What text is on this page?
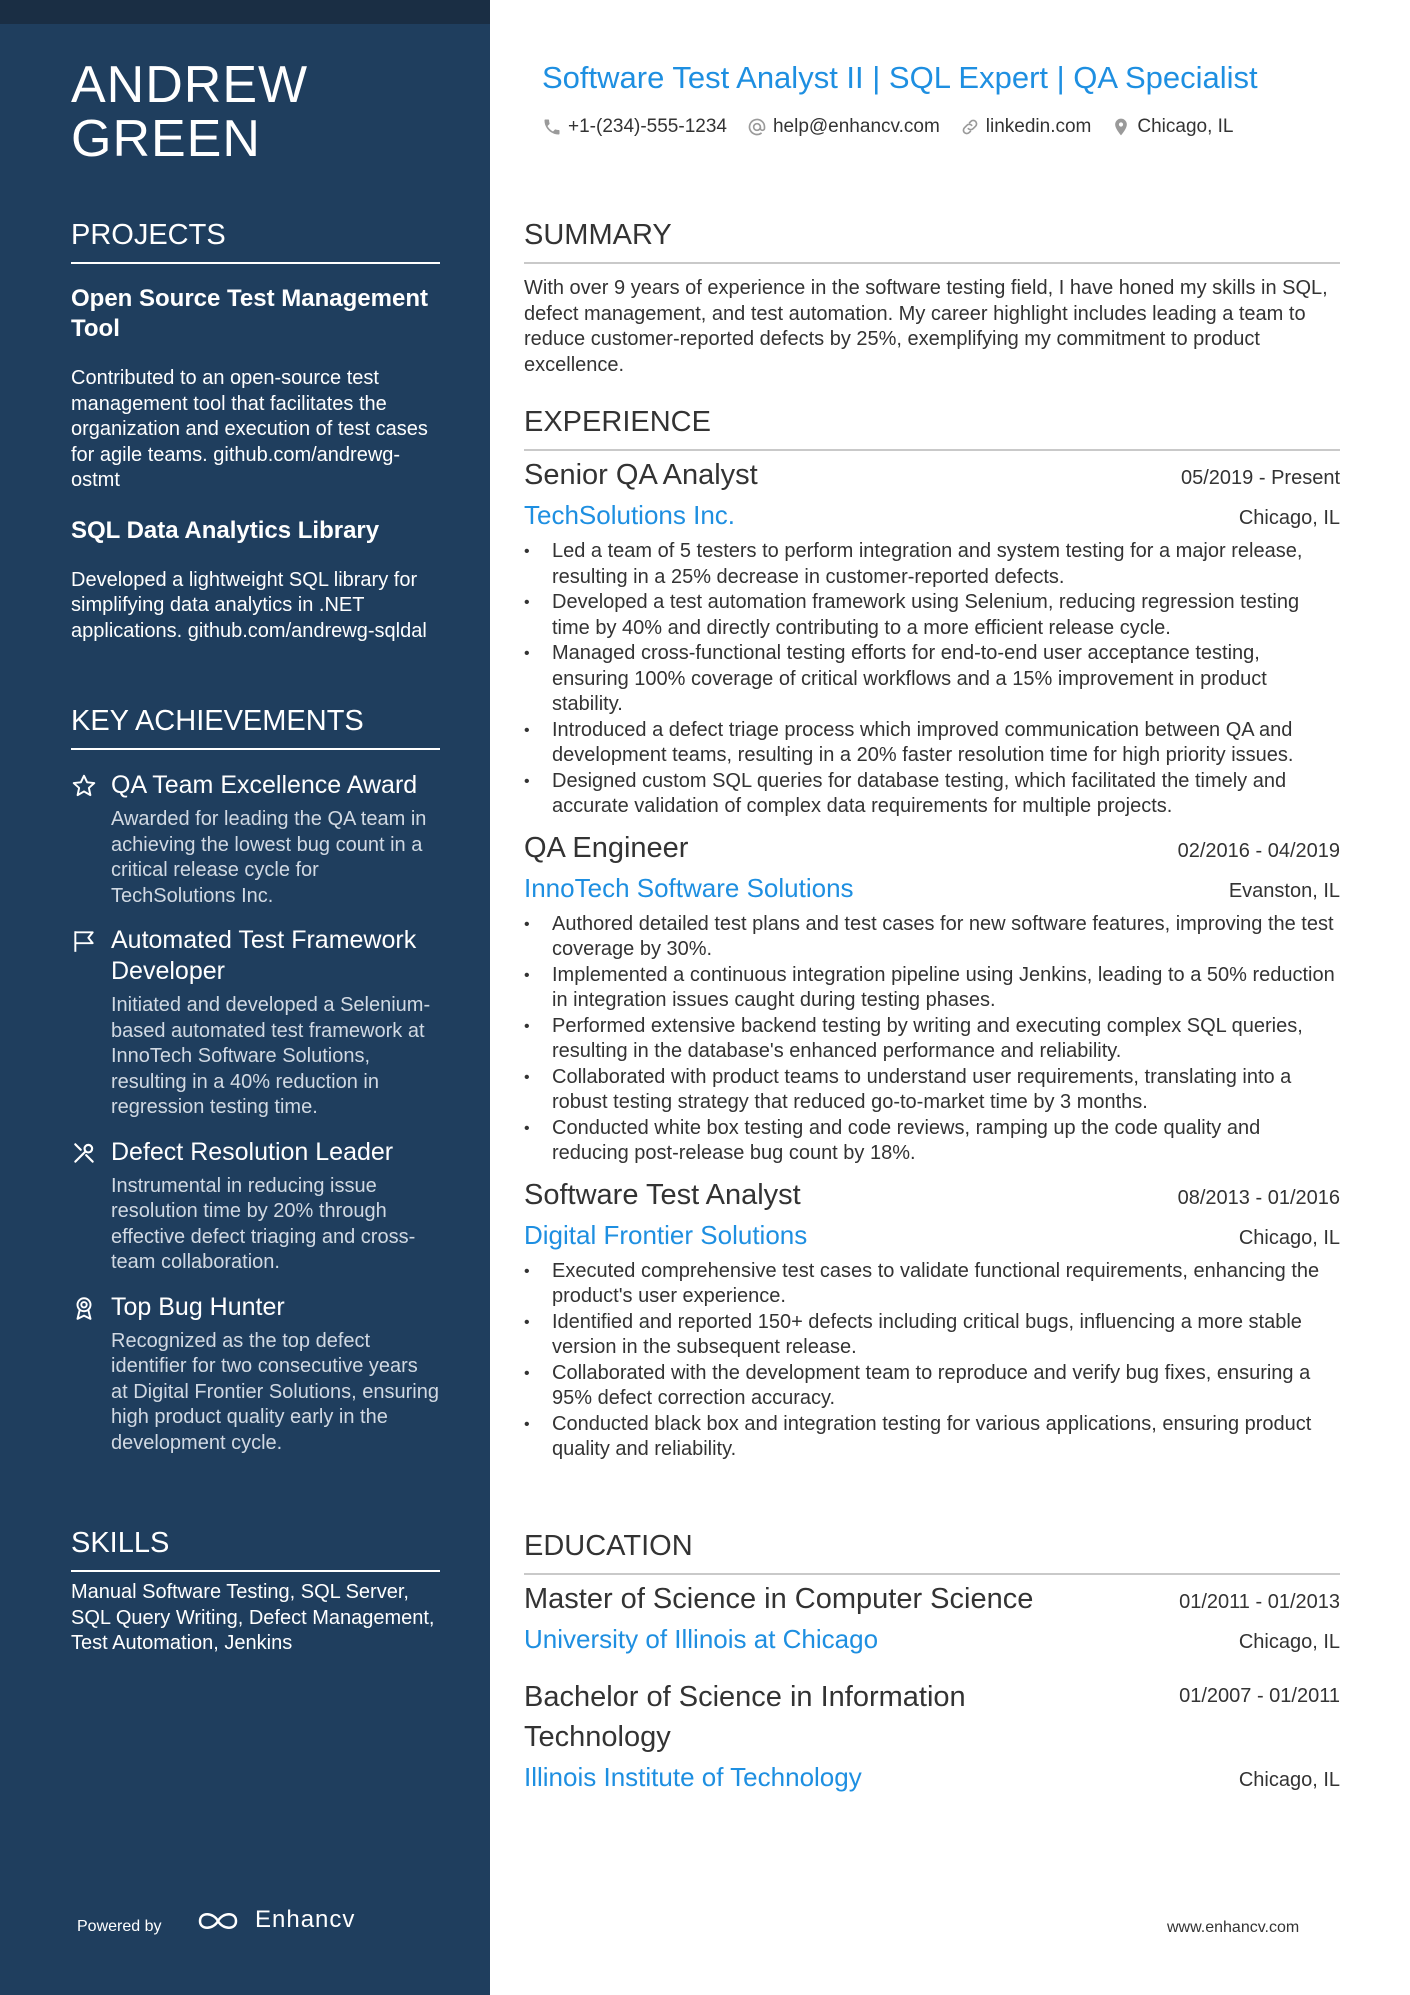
ANDREW GREEN
PROJECTS

Open Source Test Management Tool

Contributed to an open-source test management tool that facilitates the organization and execution of test cases for agile teams. github.com/andrewg-ostmt

SQL Data Analytics Library

Developed a lightweight SQL library for simplifying data analytics in .NET applications. github.com/andrewg-sqldal

KEY ACHIEVEMENTS

QA Team Excellence Award

Awarded for leading the QA team in achieving the lowest bug count in a critical release cycle for TechSolutions Inc.

Automated Test Framework Developer

Initiated and developed a Selenium-based automated test framework at InnoTech Software Solutions, resulting in a 40% reduction in regression testing time.

Defect Resolution Leader

Instrumental in reducing issue resolution time by 20% through effective defect triaging and cross-team collaboration.

Top Bug Hunter

Recognized as the top defect identifier for two consecutive years at Digital Frontier Solutions, ensuring high product quality early in the development cycle.

SKILLS

Manual Software Testing, SQL Server, SQL Query Writing, Defect Management, Test Automation, Jenkins

Powered by	Enhancv

Software Test Analyst II | SQL Expert | QA Specialist

+1-(234)-555-1234 help@enhancv.com linkedin.com Chicago, IL
SUMMARY

With over 9 years of experience in the software testing field, I have honed my skills in SQL, defect management, and test automation. My career highlight includes leading a team to reduce customer-reported defects by 25%, exemplifying my commitment to product excellence.

EXPERIENCE

Senior QA Analyst	05/2019 - Present

TechSolutions Inc.	Chicago, IL
• Led a team of 5 testers to perform integration and system testing for a major release, resulting in a 25% decrease in customer-reported defects.
• Developed a test automation framework using Selenium, reducing regression testing time by 40% and directly contributing to a more efficient release cycle.
• Managed cross-functional testing efforts for end-to-end user acceptance testing, ensuring 100% coverage of critical workflows and a 15% improvement in product stability.
• Introduced a defect triage process which improved communication between QA and development teams, resulting in a 20% faster resolution time for high priority issues.
• Designed custom SQL queries for database testing, which facilitated the timely and accurate validation of complex data requirements for multiple projects.

QA Engineer	02/2016 - 04/2019

InnoTech Software Solutions	Evanston, IL
• Authored detailed test plans and test cases for new software features, improving the test coverage by 30%.
• Implemented a continuous integration pipeline using Jenkins, leading to a 50% reduction in integration issues caught during testing phases.
• Performed extensive backend testing by writing and executing complex SQL queries, resulting in the database's enhanced performance and reliability.
• Collaborated with product teams to understand user requirements, translating into a robust testing strategy that reduced go-to-market time by 3 months.
• Conducted white box testing and code reviews, ramping up the code quality and reducing post-release bug count by 18%.

Software Test Analyst	08/2013 - 01/2016

Digital Frontier Solutions	Chicago, IL
• Executed comprehensive test cases to validate functional requirements, enhancing the product's user experience.
• Identified and reported 150+ defects including critical bugs, influencing a more stable version in the subsequent release.
• Collaborated with the development team to reproduce and verify bug fixes, ensuring a 95% defect correction accuracy.
• Conducted black box and integration testing for various applications, ensuring product quality and reliability.
EDUCATION

Master of Science in Computer Science	01/2011 - 01/2013

University of Illinois at Chicago	Chicago, IL

Bachelor of Science in Information Technology

01/2007 - 01/2011

Illinois Institute of Technology	Chicago, IL
www.enhancv.com
